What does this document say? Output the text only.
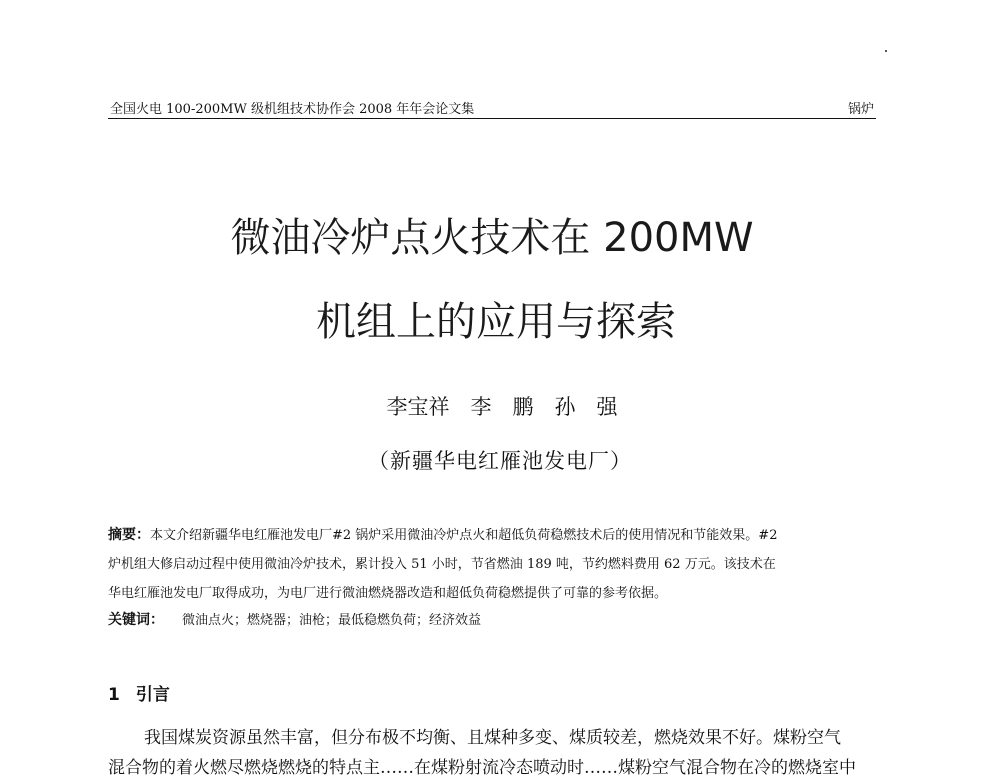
全国火电 100-200MW 级机组技术协作会 2008 年年会论文集	锅炉
微油冷炉点火技术在 200MW
机组上的应用与探索
李宝祥　李　鹏　孙　强
（新疆华电红雁池发电厂）
摘要：本文介绍新疆华电红雁池发电厂#2 锅炉采用微油冷炉点火和超低负荷稳燃技术后的使用情况和节能效果。#2
炉机组大修启动过程中使用微油冷炉技术，累计投入 51 小时，节省燃油 189 吨，节约燃料费用 62 万元。该技术在
华电红雁池发电厂取得成功，为电厂进行微油燃烧器改造和超低负荷稳燃提供了可靠的参考依据。
关键词： 微油点火；燃烧器；油枪；最低稳燃负荷；经济效益
1 引言
我国煤炭资源虽然丰富，但分布极不均衡、且煤种多变、煤质较差，燃烧效果不好。煤粉空气
混合物的着火燃尽燃烧燃烧的特点主……在煤粉射流冷态喷动时……煤粉空气混合物在冷的燃烧室中
